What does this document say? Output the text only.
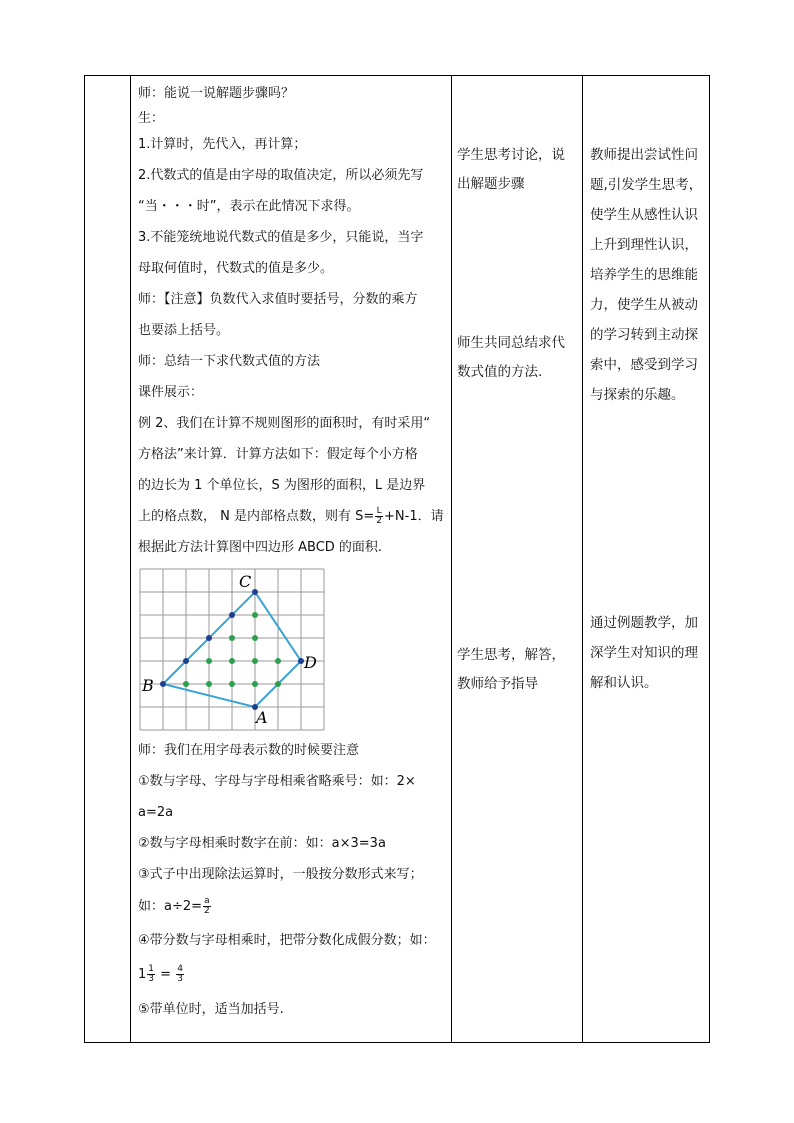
师：能说一说解题步骤吗？

生：

1.计算时，先代入，再计算；

2.代数式的值是由字母的取值决定，所以必须先写

“当・・・时”，表示在此情况下求得。

3.不能笼统地说代数式的值是多少，只能说，当字

母取何值时，代数式的值是多少。

师：【注意】负数代入求值时要括号，分数的乘方

也要添上括号。

师：总结一下求代数式值的方法

课件展示：

例 2、我们在计算不规则图形的面积时，有时采用“

方格法”来计算．计算方法如下：假定每个小方格

的边长为 1 个单位长，S 为图形的面积，L 是边界

上的格点数， N 是内部格点数，则有 $S= \frac{L}{2} +N-1$．请

根据此方法计算图中四边形 ABCD 的面积.

C
D
B
A

师：我们在用字母表示数的时候要注意

①数与字母、字母与字母相乘省略乘号：如：2×

a=2a

②数与字母相乘时数字在前：如：a×3=3a

③式子中出现除法运算时，一般按分数形式来写；

如：$a\div 2= \frac{a}{2}$

④带分数与字母相乘时，把带分数化成假分数；如：

$1 \frac{1}{3} = \frac{4}{3}$

⑤带单位时，适当加括号.

学生思考讨论，说

出解题步骤

师生共同总结求代

数式值的方法.

学生思考，解答，

教师给予指导

教师提出尝试性问

题,引发学生思考，

使学生从感性认识

上升到理性认识，

培养学生的思维能

力，使学生从被动

的学习转到主动探

索中，感受到学习

与探索的乐趣。

通过例题教学，加

深学生对知识的理

解和认识。
